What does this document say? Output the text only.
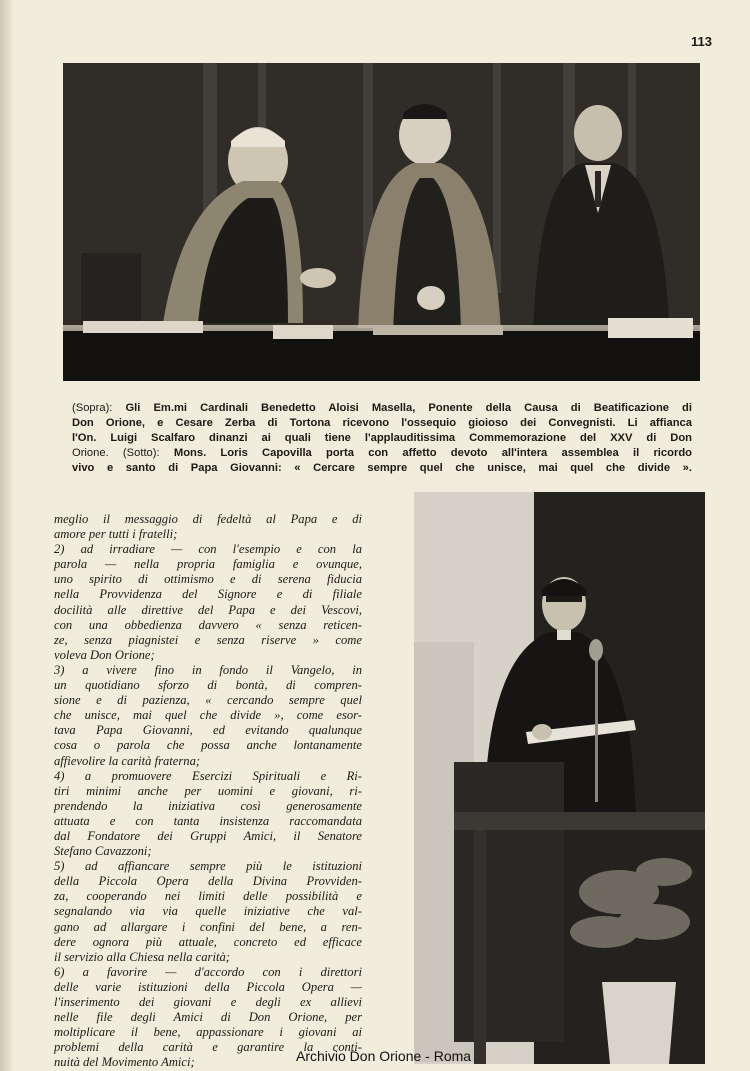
113
(Sopra): Gli Em.mi Cardinali Benedetto Aloisi Masella, Ponente della Causa di Beatificazione di
Don Orione, e Cesare Zerba di Tortona ricevono l'ossequio gioioso dei Convegnisti. Li affianca
l'On. Luigi Scalfaro dinanzi ai quali tiene l'applauditissima Commemorazione del XXV di Don
Orione. (Sotto): Mons. Loris Capovilla porta con affetto devoto all'intera assemblea il ricordo
vivo e santo di Papa Giovanni: « Cercare sempre quel che unisce, mai quel che divide ».
meglio il messaggio di fedeltà al Papa e di
amore per tutti i fratelli;
2) ad irradiare — con l'esempio e con la
parola — nella propria famiglia e ovunque,
uno spirito di ottimismo e di serena fiducia
nella Provvidenza del Signore e di filiale
docilità alle direttive del Papa e dei Vescovi,
con una obbedienza davvero « senza reticen-
ze, senza piagnistei e senza riserve » come
voleva Don Orione;
3) a vivere fino in fondo il Vangelo, in
un quotidiano sforzo di bontà, di compren-
sione e di pazienza, « cercando sempre quel
che unisce, mai quel che divide », come esor-
tava Papa Giovanni, ed evitando qualunque
cosa o parola che possa anche lontanamente
affievolire la carità fraterna;
4) a promuovere Esercizi Spirituali e Ri-
tiri minimi anche per uomini e giovani, ri-
prendendo la iniziativa così generosamente
attuata e con tanta insistenza raccomandata
dal Fondatore dei Gruppi Amici, il Senatore
Stefano Cavazzoni;
5) ad affiancare sempre più le istituzioni
della Piccola Opera della Divina Provviden-
za, cooperando nei limiti delle possibilità e
segnalando via via quelle iniziative che val-
gano ad allargare i confini del bene, a ren-
dere ognora più attuale, concreto ed efficace
il servizio alla Chiesa nella carità;
6) a favorire — d'accordo con i direttori
delle varie istituzioni della Piccola Opera —
l'inserimento dei giovani e degli ex allievi
nelle file degli Amici di Don Orione, per
moltiplicare il bene, appassionare i giovani ai
problemi della carità e garantire la conti-
nuità del Movimento Amici;	Archivio Don Orione - Roma
